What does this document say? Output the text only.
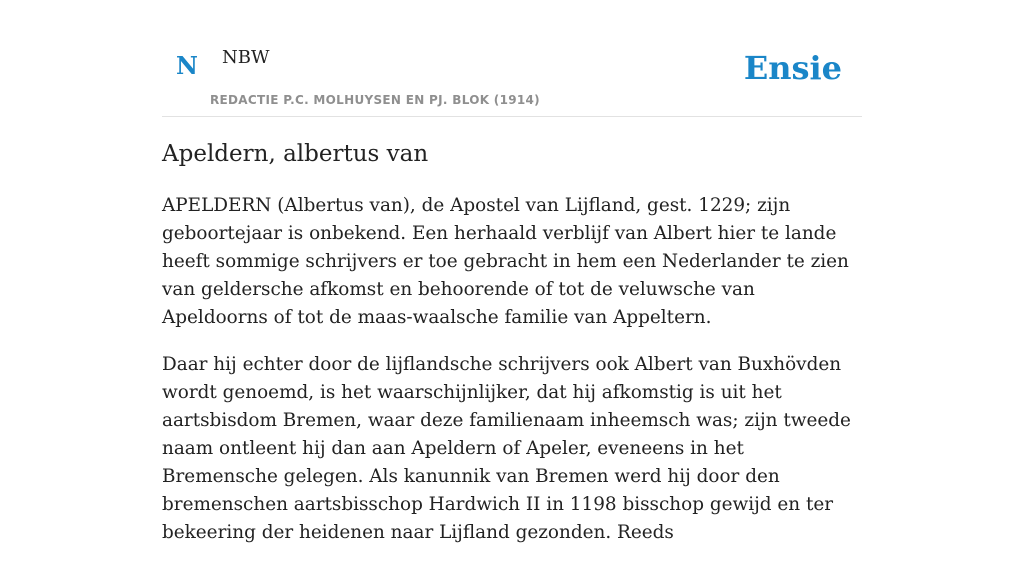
N NBW
REDACTIE P.C. MOLHUYSEN EN PJ. BLOK (1914)
Ensie
Apeldern, albertus van

APELDERN (Albertus van), de Apostel van Lijfland, gest. 1229; zijn geboortejaar is onbekend. Een herhaald verblijf van Albert hier te lande heeft sommige schrijvers er toe gebracht in hem een Nederlander te zien van geldersche afkomst en behoorende of tot de veluwsche van Apeldoorns of tot de maas-waalsche familie van Appeltern.

Daar hij echter door de lijflandsche schrijvers ook Albert van Buxhövden wordt genoemd, is het waarschijnlijker, dat hij afkomstig is uit het aartsbisdom Bremen, waar deze familienaam inheemsch was; zijn tweede naam ontleent hij dan aan Apeldern of Apeler, eveneens in het Bremensche gelegen. Als kanunnik van Bremen werd hij door den bremenschen aartsbisschop Hardwich II in 1198 bisschop gewijd en ter bekeering der heidenen naar Lijfland gezonden. Reeds
